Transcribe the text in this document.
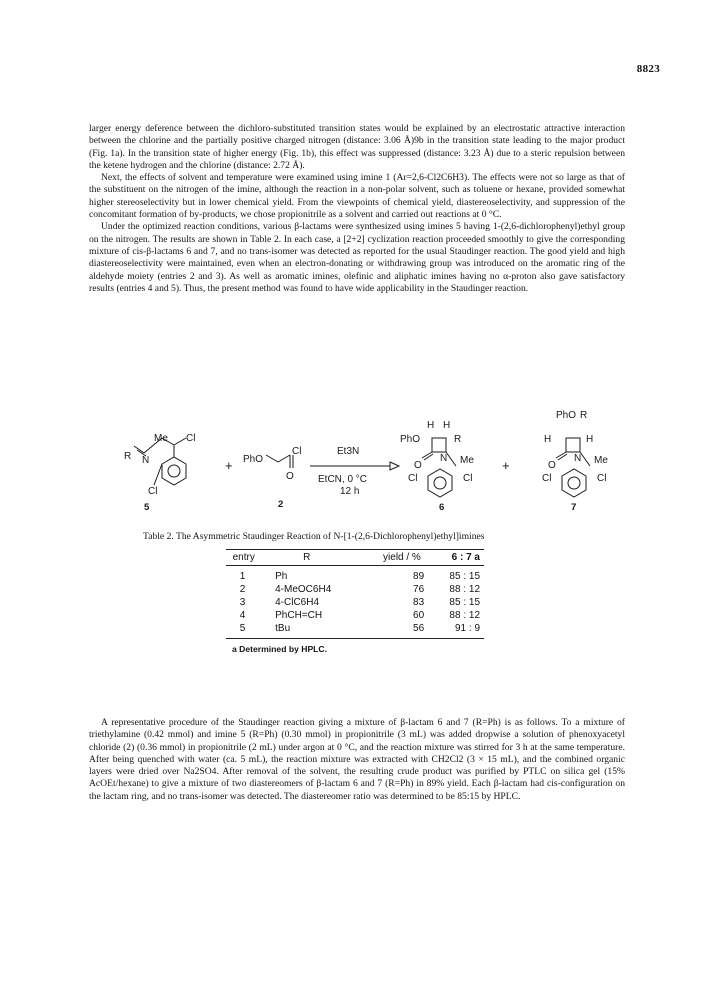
8823

larger energy deference between the dichloro-substituted transition states would be explained by an electrostatic attractive interaction between the chlorine and the partially positive charged nitrogen (distance: 3.06 Å)9b in the transition state leading to the major product (Fig. 1a). In the transition state of higher energy (Fig. 1b), this effect was suppressed (distance: 3.23 Å) due to a steric repulsion between the ketene hydrogen and the chlorine (distance: 2.72 Å).

Next, the effects of solvent and temperature were examined using imine 1 (Ar=2,6-Cl2C6H3). The effects were not so large as that of the substituent on the nitrogen of the imine, although the reaction in a non-polar solvent, such as toluene or hexane, provided somewhat higher stereoselectivity but in lower chemical yield. From the viewpoints of chemical yield, diastereoselectivity, and suppression of the concomitant formation of by-products, we chose propionitrile as a solvent and carried out reactions at 0 °C.

Under the optimized reaction conditions, various β-lactams were synthesized using imines 5 having 1-(2,6-dichlorophenyl)ethyl group on the nitrogen. The results are shown in Table 2. In each case, a [2+2] cyclization reaction proceeded smoothly to give the corresponding mixture of cis-β-lactams 6 and 7, and no trans-isomer was detected as reported for the usual Staudinger reaction. The good yield and high diastereoselectivity were maintained, even when an electron-donating or withdrawing group was introduced on the aromatic ring of the aldehyde moiety (entries 2 and 3). As well as aromatic imines, olefinic and aliphatic imines having no α-proton also gave satisfactory results (entries 4 and 5). Thus, the present method was found to have wide applicability in the Staudinger reaction.

Me Cl
N
R
Cl
5
+ PhO
Cl
O
2
Et3N
EtCN, 0 °C
12 h
H H
PhO	R
N Me
O
Cl	Cl
6
+
PhO R
H	H
N Me
O
Cl	Cl
7
Table 2. The Asymmetric Staudinger Reaction of N-[1-(2,6-Dichlorophenyl)ethyl]imines
entry	R	yield / %	6 : 7 a
1	Ph	89	85 : 15
2	4-MeOC6H4	76	88 : 12
3	4-ClC6H4	83	85 : 15
4	PhCH=CH	60	88 : 12
5	tBu	56	91 : 9
a Determined by HPLC.

A representative procedure of the Staudinger reaction giving a mixture of β-lactam 6 and 7 (R=Ph) is as follows. To a mixture of triethylamine (0.42 mmol) and imine 5 (R=Ph) (0.30 mmol) in propionitrile (3 mL) was added dropwise a solution of phenoxyacetyl chloride (2) (0.36 mmol) in propionitrile (2 mL) under argon at 0 °C, and the reaction mixture was stirred for 3 h at the same temperature. After being quenched with water (ca. 5 mL), the reaction mixture was extracted with CH2Cl2 (3 × 15 mL), and the combined organic layers were dried over Na2SO4. After removal of the solvent, the resulting crude product was purified by PTLC on silica gel (15% AcOEt/hexane) to give a mixture of two diastereomers of β-lactam 6 and 7 (R=Ph) in 89% yield. Each β-lactam had cis-configuration on the lactam ring, and no trans-isomer was detected. The diastereomer ratio was determined to be 85:15 by HPLC.
